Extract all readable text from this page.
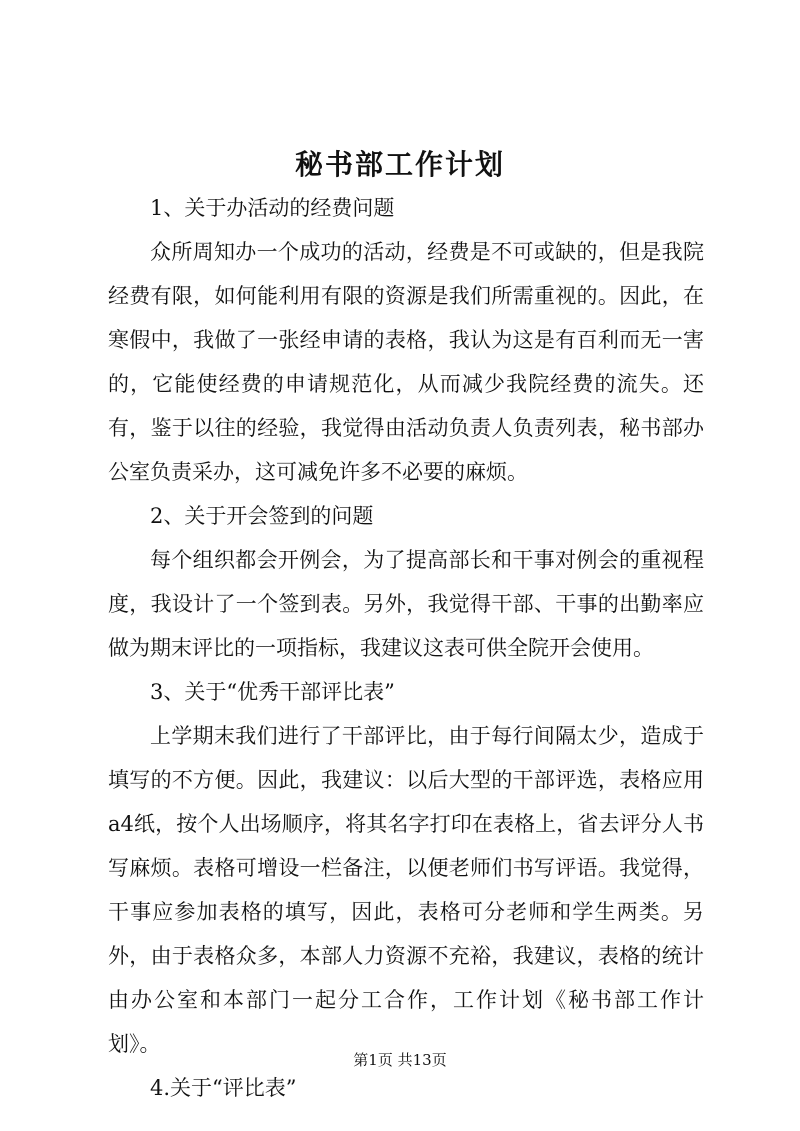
秘书部工作计划

1、关于办活动的经费问题

众所周知办一个成功的活动，经费是不可或缺的，但是我院经费有限，如何能利用有限的资源是我们所需重视的。因此，在寒假中，我做了一张经申请的表格，我认为这是有百利而无一害的，它能使经费的申请规范化，从而减少我院经费的流失。还有，鉴于以往的经验，我觉得由活动负责人负责列表，秘书部办公室负责采办，这可减免许多不必要的麻烦。

2、关于开会签到的问题

每个组织都会开例会，为了提高部长和干事对例会的重视程度，我设计了一个签到表。另外，我觉得干部、干事的出勤率应做为期末评比的一项指标，我建议这表可供全院开会使用。

3、关于“优秀干部评比表”

上学期末我们进行了干部评比，由于每行间隔太少，造成于填写的不方便。因此，我建议：以后大型的干部评选，表格应用a4纸，按个人出场顺序，将其名字打印在表格上，省去评分人书写麻烦。表格可增设一栏备注，以便老师们书写评语。我觉得，干事应参加表格的填写，因此，表格可分老师和学生两类。另外，由于表格众多，本部人力资源不充裕，我建议，表格的统计由办公室和本部门一起分工合作，工作计划《秘书部工作计划》。

4.关于“评比表”

第1页 共13页
